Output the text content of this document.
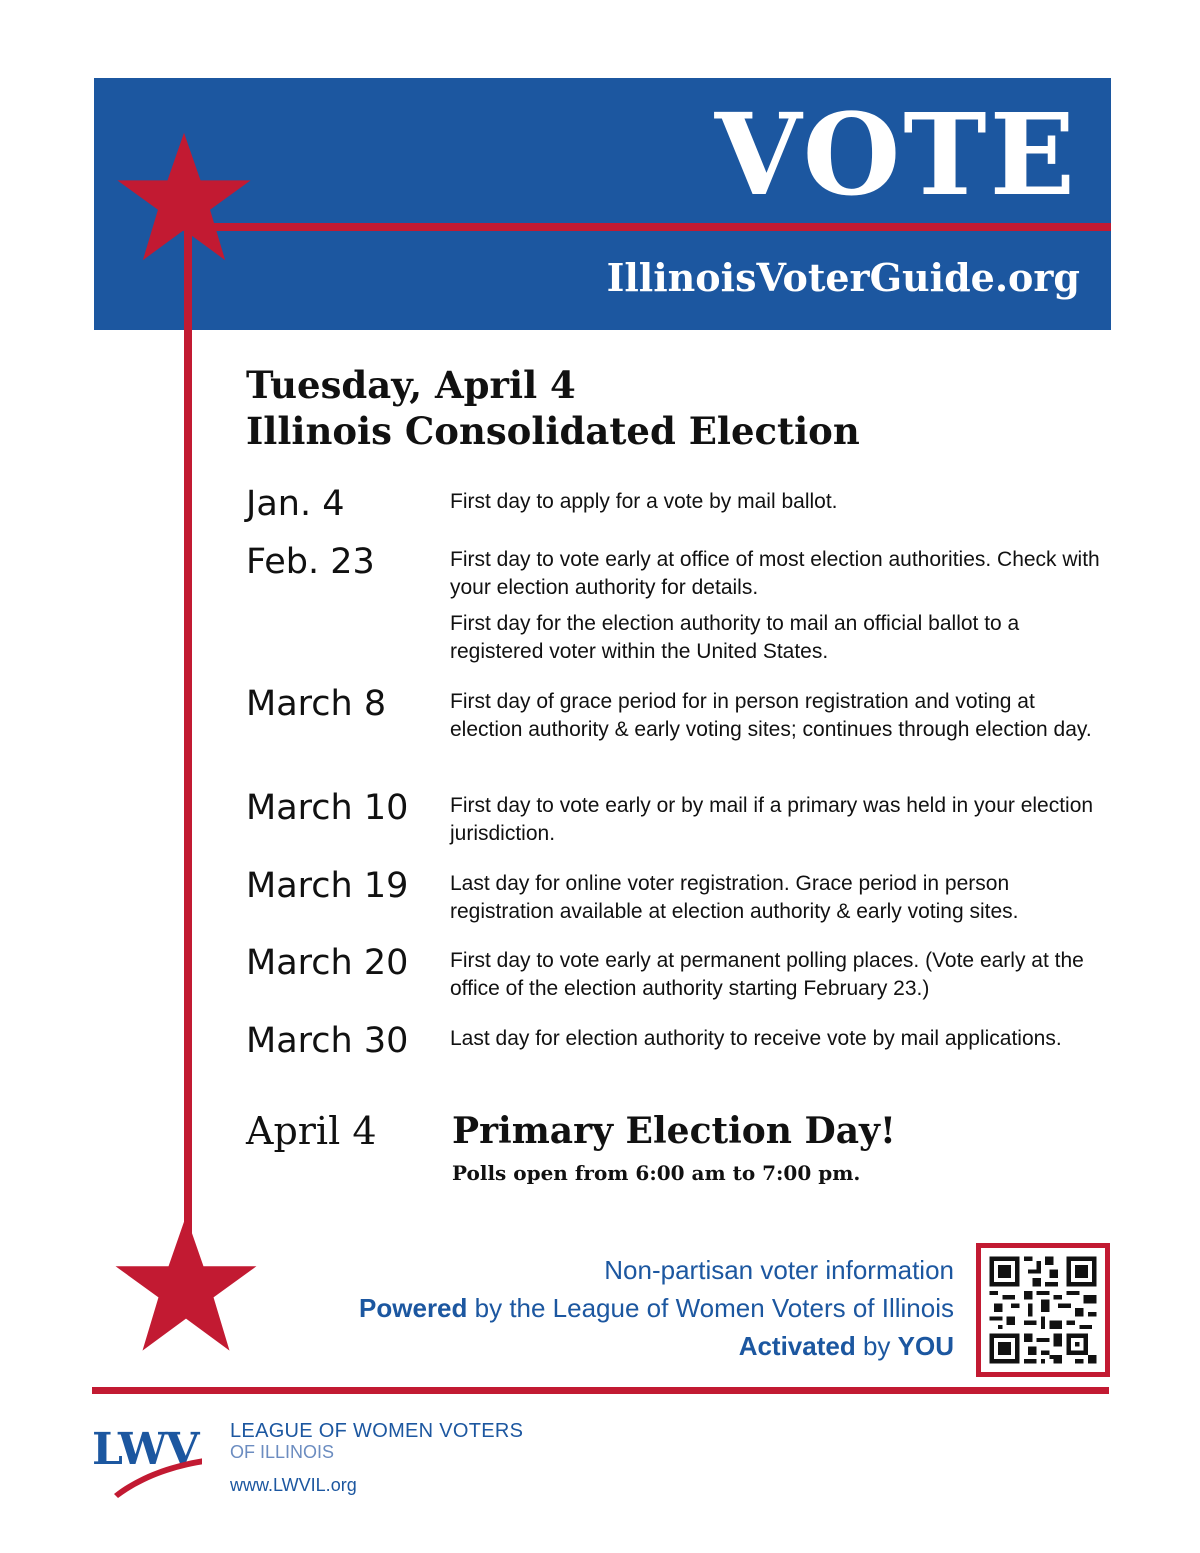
VOTE
IllinoisVoterGuide.org
Tuesday, April 4
Illinois Consolidated Election
Jan. 4	First day to apply for a vote by mail ballot.

Feb. 23	First day to vote early at office of most election authorities. Check with your election authority for details.

First day for the election authority to mail an official ballot to a registered voter within the United States.

March 8	First day of grace period for in person registration and voting at election authority & early voting sites; continues through election day.

March 10 First day to vote early or by mail if a primary was held in your election jurisdiction.

March 19 Last day for online voter registration. Grace period in person registration available at election authority & early voting sites.

March 20 First day to vote early at permanent polling places. (Vote early at the office of the election authority starting February 23.)

March 30 Last day for election authority to receive vote by mail applications.

April 4 Primary Election Day!
Polls open from 6:00 am to 7:00 pm.
Non-partisan voter information
Powered by the League of Women Voters of Illinois
Activated by YOU
LWV LEAGUE OF WOMEN VOTERS
OF ILLINOIS
www.LWVIL.org
